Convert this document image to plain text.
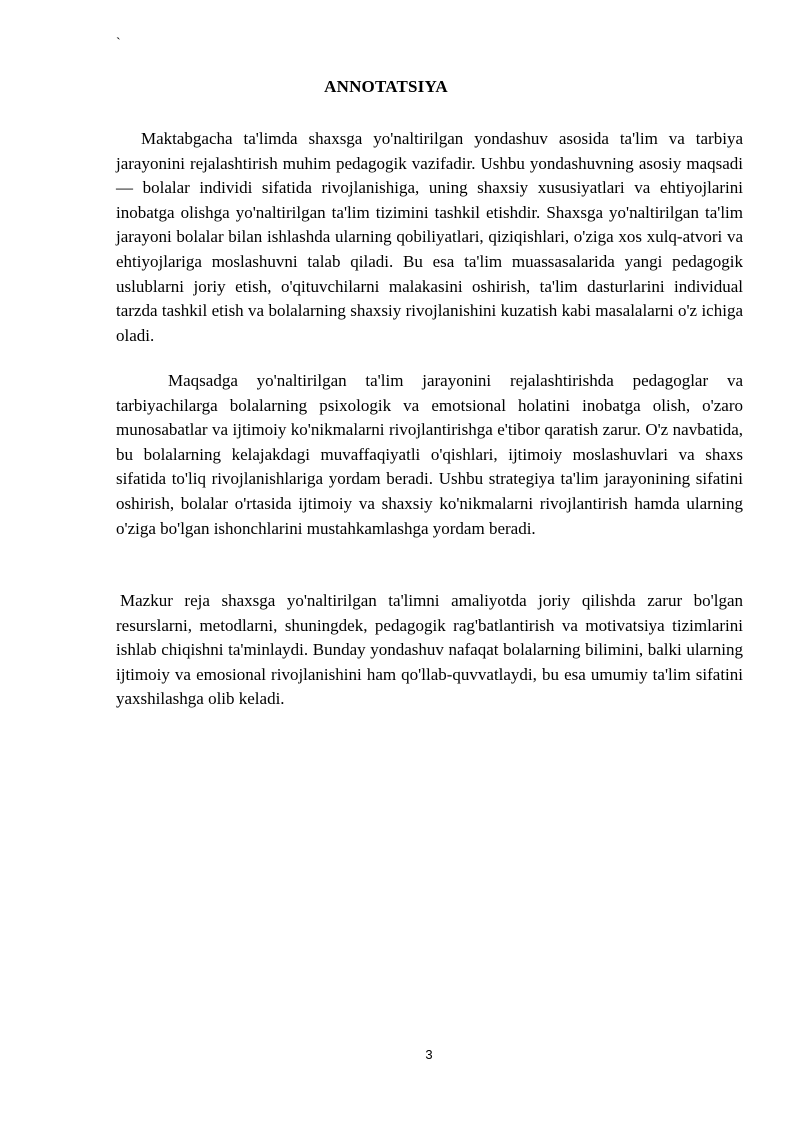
`
ANNOTATSIYA

Maktabgacha ta'limda shaxsga yo'naltirilgan yondashuv asosida ta'lim va tarbiya jarayonini rejalashtirish muhim pedagogik vazifadir. Ushbu yondashuvning asosiy maqsadi — bolalar individi sifatida rivojlanishiga, uning shaxsiy xususiyatlari va ehtiyojlarini inobatga olishga yo'naltirilgan ta'lim tizimini tashkil etishdir. Shaxsga yo'naltirilgan ta'lim jarayoni bolalar bilan ishlashda ularning qobiliyatlari, qiziqishlari, o'ziga xos xulq-atvori va ehtiyojlariga moslashuvni talab qiladi. Bu esa ta'lim muassasalarida yangi pedagogik uslublarni joriy etish, o'qituvchilarni malakasini oshirish, ta'lim dasturlarini individual tarzda tashkil etish va bolalarning shaxsiy rivojlanishini kuzatish kabi masalalarni o'z ichiga oladi.

Maqsadga yo'naltirilgan ta'lim jarayonini rejalashtirishda pedagoglar va tarbiyachilarga bolalarning psixologik va emotsional holatini inobatga olish, o'zaro munosabatlar va ijtimoiy ko'nikmalarni rivojlantirishga e'tibor qaratish zarur. O'z navbatida, bu bolalarning kelajakdagi muvaffaqiyatli o'qishlari, ijtimoiy moslashuvlari va shaxs sifatida to'liq rivojlanishlariga yordam beradi. Ushbu strategiya ta'lim jarayonining sifatini oshirish, bolalar o'rtasida ijtimoiy va shaxsiy ko'nikmalarni rivojlantirish hamda ularning o'ziga bo'lgan ishonchlarini mustahkamlashga yordam beradi.

Mazkur reja shaxsga yo'naltirilgan ta'limni amaliyotda joriy qilishda zarur bo'lgan resurslarni, metodlarni, shuningdek, pedagogik rag'batlantirish va motivatsiya tizimlarini ishlab chiqishni ta'minlaydi. Bunday yondashuv nafaqat bolalarning bilimini, balki ularning ijtimoiy va emosional rivojlanishini ham qo'llab-quvvatlaydi, bu esa umumiy ta'lim sifatini yaxshilashga olib keladi.

3
